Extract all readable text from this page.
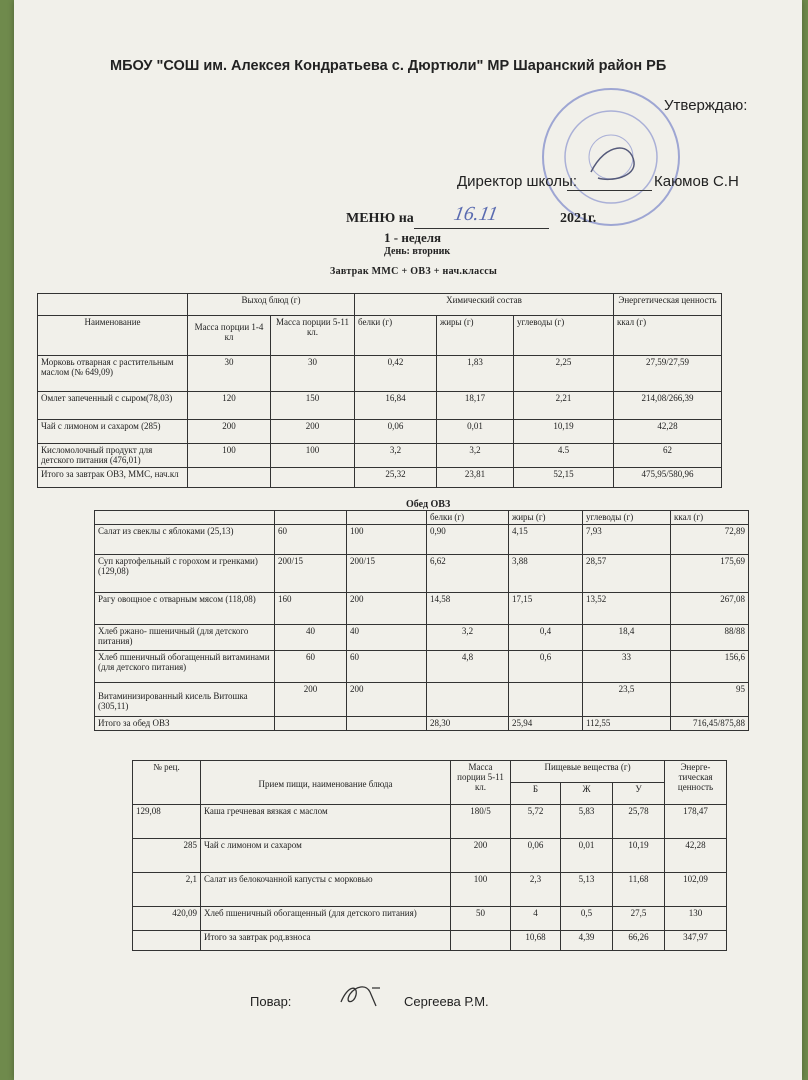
МБОУ "СОШ им. Алексея Кондратьева с. Дюртюли" МР Шаранский район РБ
Утверждаю:
Директор школы:	Каюмов С.Н
МЕНЮ на 16.11	2021г.
1 - неделя
День: вторник
Завтрак ММС + ОВЗ + нач.классы
	Выход блюд (г)		Химический состав			Энергетическая ценность
Наименование	Масса порции 1-4 кл	Масса порции 5-11 кл.	белки (г)	жиры (г)	углеводы (г)	ккал (г)
Морковь отварная с растительным маслом (№ 649,09)	30	30	0,42	1,83	2,25	27,59/27,59
Омлет запеченный с сыром(78,03)	120	150	16,84	18,17	2,21	214,08/266,39
Чай с лимоном и сахаром (285)	200	200	0,06	0,01	10,19	42,28
Кисломолочный продукт для детского питания (476,01)	100	100	3,2	3,2	4.5	62
Итого за завтрак ОВЗ, ММС, нач.кл			25,32	23,81	52,15	475,95/580,96
Обед ОВЗ
			белки (г)	жиры (г)	углеводы (г)	ккал (г)
Салат из свеклы с яблоками (25,13)	60	100	0,90	4,15	7,93	72,89
Суп картофельный с горохом и гренками) (129,08)	200/15	200/15	6,62	3,88	28,57	175,69
Рагу овощное с отварным мясом (118,08)	160	200	14,58	17,15	13,52	267,08
Хлеб ржано- пшеничный (для детского питания)	40	40	3,2	0,4	18,4	88/88
Хлеб пшеничный обогащенный витаминами (для детского питания)	60	60	4,8	0,6	33	156,6
Витаминизированный кисель Витошка (305,11)	200	200			23,5	95
Итого за обед ОВЗ			28,30	25,94	112,55	716,45/875,88
№ рец.	Прием пищи, наименование блюда	Масса порции 5-11 кл.	Пищевые вещества (г)			Энерге-тическая ценность
			Б	Ж	У	
129,08	Каша гречневая вязкая с маслом	180/5	5,72	5,83	25,78	178,47
285	Чай с лимоном и сахаром	200	0,06	0,01	10,19	42,28
2,1	Салат из белокочанной капусты с морковью	100	2,3	5,13	11,68	102,09
420,09	Хлеб пшеничный обогащенный (для детского питания)	50	4	0,5	27,5	130
	Итого за завтрак род.взноса		10,68	4,39	66,26	347,97
Повар:	Сергеева Р.М.
